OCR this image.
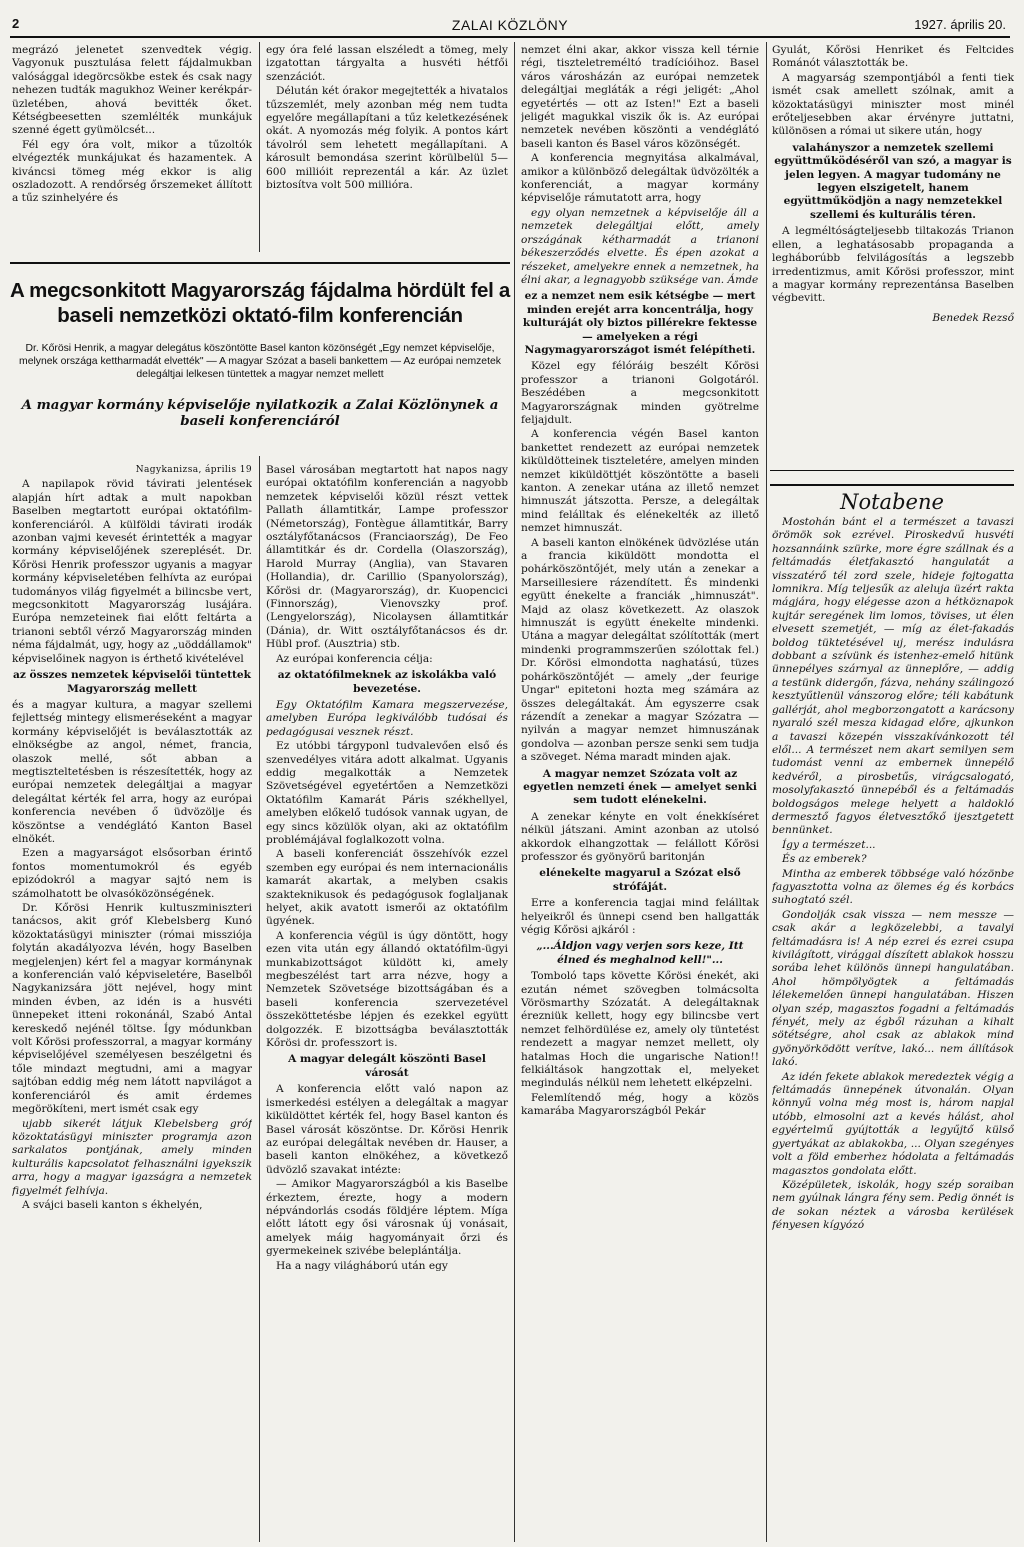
2	ZALAI KÖZLÖNY	1927. április 20.

megrázó jelenetet szenvedtek végig. Vagyonuk pusztulása felett fájdalmukban valósággal idegörcsökbe estek és csak nagy nehezen tudták magukhoz Weiner kerékpár-üzletében, ahová bevitték őket. Kétségbeesetten szemlélték munkájuk szenné égett gyümölcsét...

Fél egy óra volt, mikor a tűzoltók elvégezték munkájukat és hazamentek. A kiváncsi tömeg még ekkor is alig oszladozott. A rendőrség őrszemeket állított a tűz szinhelyére és

egy óra felé lassan elszéledt a tömeg, mely izgatottan tárgyalta a husvéti hétfői szenzációt.

Délután két órakor megejtették a hivatalos tűzszemlét, mely azonban még nem tudta egyelőre megállapítani a tűz keletkezésének okát. A nyomozás még folyik. A pontos kárt távolról sem lehetett megállapítani. A károsult bemondása szerint körülbelül 5—600 millióit reprezentál a kár. Az üzlet biztosítva volt 500 millióra.

A megcsonkitott Magyarország fájdalma hördült fel a baseli nemzetközi oktató-film konferencián
Dr. Kőrösi Henrik, a magyar delegátus köszöntötte Basel kanton közönségét „Egy nemzet képviselője, melynek országa kettharmadát elvették" — A magyar Szózat a baseli bankettem — Az európai nemzetek delegáltjai lelkesen tüntettek a magyar nemzet mellett
A magyar kormány képviselője nyilatkozik a Zalai Közlönynek a baseli konferenciáról

Nagykanizsa, április 19

A napilapok rövid távirati jelentések alapján hírt adtak a mult napokban Baselben megtartott európai oktatófilm-konferenciáról. A külföldi távirati irodák azonban vajmi kevesét érintették a magyar kormány képviselőjének szereplését. Dr. Kőrösi Henrik professzor ugyanis a magyar kormány képviseletében felhívta az európai tudományos világ figyelmét a bilincsbe vert, megcsonkitott Magyarország lusájára. Európa nemzeteinek fiai előtt feltárta a trianoni sebtől vérző Magyarország minden néma fájdalmát, ugy, hogy az „uöddállamok" képviselőinek nagyon is érthető kivételével

az összes nemzetek képviselői tüntettek Magyarország mellett

és a magyar kultura, a magyar szellemi fejlettség mintegy elismeréseként a magyar kormány képviselőjét is beválasztották az elnökségbe az angol, német, francia, olaszok mellé, sőt abban a megtiszteltetésben is részesítették, hogy az európai nemzetek delegáltjai a magyar delegáltat kérték fel arra, hogy az európai konferencia nevében ő üdvözölje és köszöntse a vendéglátó Kanton Basel elnökét.

Ezen a magyarságot elsősorban érintő fontos momentumokról és egyéb epizódokról a magyar sajtó nem is számolhatott be olvasóközönségének.

Dr. Kőrösi Henrik kultuszminiszteri tanácsos, akit gróf Klebelsberg Kunó közoktatásügyi miniszter (római missziója folytán akadályozva lévén, hogy Baselben megjelenjen) kért fel a magyar kormánynak a konferencián való képviseletére, Baselből Nagykanizsára jött nejével, hogy mint minden évben, az idén is a husvéti ünnepeket itteni rokonánál, Szabó Antal kereskedő nejénél töltse. Így módunkban volt Kőrösi professzorral, a magyar kormány képviselőjével személyesen beszélgetni és tőle mindazt megtudni, ami a magyar sajtóban eddig még nem látott napvilágot a konferenciáról és amit érdemes megörökíteni, mert ismét csak egy

ujabb sikerét látjuk Klebelsberg gróf közoktatásügyi miniszter programja azon sarkalatos pontjának, amely minden kulturális kapcsolatot felhasználni igyekszik arra, hogy a magyar igazságra a nemzetek figyelmét felhívja.

A svájci baseli kanton s ékhelyén,

Basel városában megtartott hat napos nagy európai oktatófilm konferencián a nagyobb nemzetek képviselői közül részt vettek Pallath államtitkár, Lampe professzor (Németország), Fontègue államtitkár, Barry osztályfőtanácsos (Franciaország), De Feo államtitkár és dr. Cordella (Olaszország), Harold Murray (Anglia), van Stavaren (Hollandia), dr. Carillio (Spanyolország), Kőrösi dr. (Magyarország), dr. Kuopencici (Finnország), Vienovszky prof. (Lengyelország), Nicolaysen államtitkár (Dánia), dr. Witt osztályfőtanácsos és dr. Hübl prof. (Ausztria) stb.

Az európai konferencia célja:

az oktatófilmeknek az iskolákba való bevezetése.

Egy Oktatófilm Kamara megszervezése, amelyben Európa legkiválóbb tudósai és pedagógusai vesznek részt.

Ez utóbbi tárgyponl tudvalevően első és szenvedélyes vitára adott alkalmat. Ugyanis eddig megalkották a Nemzetek Szövetségével egyetértően a Nemzetközi Oktatófilm Kamarát Páris székhellyel, amelyben előkelő tudósok vannak ugyan, de egy sincs közülök olyan, aki az oktatófilm problémájával foglalkozott volna.

A baseli konferenciát összehívók ezzel szemben egy európai és nem internacionális kamarát akartak, a melyben csakis szakteknikusok és pedagógusok foglaljanak helyet, akik avatott ismerői az oktatófilm ügyének.

A konferencia végül is úgy döntött, hogy ezen vita után egy állandó oktatófilm-ügyi munkabizottságot küldött ki, amely megbeszélést tart arra nézve, hogy a Nemzetek Szövetsége bizottságában és a baseli konferencia szervezetével összeköttetésbe lépjen és ezekkel együtt dolgozzék. E bizottságba beválasztották Kőrösi dr. professzort is.

A magyar delegált köszönti Basel városát

A konferencia előtt való napon az ismerkedési estélyen a delegáltak a magyar kiküldöttet kérték fel, hogy Basel kanton és Basel városát köszöntse. Dr. Kőrösi Henrik az európai delegáltak nevében dr. Hauser, a baseli kanton elnökéhez, a következő üdvözlő szavakat intézte:

— Amikor Magyarországból a kis Baselbe érkeztem, érezte, hogy a modern népvándorlás csodás földjére léptem. Míga előtt látott egy ősi városnak új vonásait, amelyek máig hagyományait őrzi és gyermekeinek szivébe beleplántálja.

Ha a nagy világháború után egy

nemzet élni akar, akkor vissza kell térnie régi, tiszteletreméltó tradícióihoz. Basel város városházán az európai nemzetek delegáltjai megláták a régi jeligét: „Ahol egyetértés — ott az Isten!" Ezt a baseli jeligét magukkal viszik ők is. Az európai nemzetek nevében köszönti a vendéglátó baseli kanton és Basel város közönségét.

A konferencia megnyitása alkalmával, amikor a különböző delegáltak üdvözölték a konferenciát, a magyar kormány képviselője rámutatott arra, hogy

egy olyan nemzetnek a képviselője áll a nemzetek delegáltjai előtt, amely országának kétharmadát a trianoni békeszerződés elvette. És épen azokat a részeket, amelyekre ennek a nemzetnek, ha élni akar, a legnagyobb szüksége van. Ámde

ez a nemzet nem esik kétségbe — mert minden erejét arra koncentrálja, hogy kulturáját oly biztos pillérekre fektesse — amelyeken a régi Nagymagyarországot ismét felépítheti.

Közel egy félóráig beszélt Kőrösi professzor a trianoni Golgotáról. Beszédében a megcsonkitott Magyarországnak minden gyötrelme feljajdult.

A konferencia végén Basel kanton bankettet rendezett az európai nemzetek kiküldötteinek tiszteletére, amelyen minden nemzet kiküldöttjét köszöntötte a baseli kanton. A zenekar utána az illető nemzet himnuszát játszotta. Persze, a delegáltak mind felálltak és elénekelték az illető nemzet himnuszát.

A baseli kanton elnökének üdvözlése után a francia kiküldött mondotta el pohárköszöntőjét, mely után a zenekar a Marseillesiere rázendített. És mindenki együtt énekelte a franciák „himnuszát". Majd az olasz következett. Az olaszok himnuszát is együtt énekelte mindenki. Utána a magyar delegáltat szólították (mert mindenki programmszerűen szólottak fel.) Dr. Kőrösi elmondotta naghatású, tüzes pohárköszöntőjét — amely „der feurige Ungar" epitetoni hozta meg számára az összes delegáltakát. Ám egyszerre csak rázendít a zenekar a magyar Szózatra — nyilván a magyar nemzet himnuszának gondolva — azonban persze senki sem tudja a szöveget. Néma maradt minden ajak.

A magyar nemzet Szózata volt az egyetlen nemzeti ének — amelyet senki sem tudott elénekelni.

A zenekar kényte en volt énekkíséret nélkül játszani. Amint azonban az utolsó akkordok elhangzottak — felállott Kőrösi professzor és gyönyörű baritonján

elénekelte magyarul a Szózat első strófáját.

Erre a konferencia tagjai mind felálltak helyeikről és ünnepi csend ben hallgatták végig Kőrösi ajkáról :

„...Áldjon vagy verjen sors keze, Itt élned és meghalnod kell!"...

Tomboló taps követte Kőrösi énekét, aki ezután német szövegben tolmácsolta Vörösmarthy Szózatát. A delegáltaknak érezniük kellett, hogy egy bilincsbe vert nemzet felhördülése ez, amely oly tüntetést rendezett a magyar nemzet mellett, oly hatalmas Hoch die ungarische Nation!! felkiáltások hangzottak el, melyeket megindulás nélkül nem lehetett elképzelni.

Felemlítendő még, hogy a közös kamarába Magyarországból Pekár

Gyulát, Kőrösi Henriket és Feltcides Románót választották be.

A magyarság szempontjából a fenti tiek ismét csak amellett szólnak, amit a közoktatásügyi miniszter most minél erőteljesebben akar érvényre juttatni, különösen a római ut sikere után, hogy

valahányszor a nemzetek szellemi együttműködéséről van szó, a magyar is jelen legyen. A magyar tudomány ne legyen elszigetelt, hanem együttműködjön a nagy nemzetekkel szellemi és kulturális téren.

A legméltóságteljesebb tiltakozás Trianon ellen, a leghatásosabb propaganda a legháborúbb felvilágosítás a legszebb irredentizmus, amit Kőrösi professzor, mint a magyar kormány reprezentánsa Baselben végbevitt.

Benedek Rezső

Notabene

Mostohán bánt el a természet a tavaszi örömök sok ezrével. Piroskedvű husvéti hozsannáink szürke, more égre szállnak és a feltámadás életfakasztó hangulatát a visszatérő tél zord szele, hideje fojtogatta lomnikra. Míg teljesűk az aleluja üzért rakta mágjára, hogy elégesse azon a hétköznapok kujtár seregének lim lomos, tövises, ut élen elvesett szemetjét, — míg az élet-fakadás boldog tüktetésével uj, merész indulásra dobbant a szívünk és istenhez-emelő hitünk ünnepélyes szárnyal az ünneplőre, — addig a testünk didergőn, fázva, nehány szálingozó kesztyűtlenül vánszorog előre; téli kabátunk gallérját, ahol megborzongatott a karácsony nyaraló szél mesza kidagad előre, ajkunkon a tavaszi közepén visszakívánkozott tél elől... A természet nem akart semilyen sem tudomást venni az embernek ünnepélő kedvéről, a pirosbetűs, virágcsalogató, mosolyfakasztó ünnepéből és a feltámadás boldogságos melege helyett a haldokló dermesztő fagyos életvesztőkő ijesztgetett bennünket.

Így a természet...

És az emberek?

Mintha az emberek többsége való hózönbe fagyasztotta volna az ölemes ég és korbács suhogtató szél.

Gondolják csak vissza — nem messze — csak akár a legközelebbi, a tavalyi feltámadásra is! A nép ezrei és ezrei csupa kivilágított, virággal díszített ablakok hosszu sorába lehet különös ünnepi hangulatában. Ahol hömpölyögtek a feltámadás lélekemelően ünnepi hangulatában. Hiszen olyan szép, magasztos fogadni a feltámadás fényét, mely az égből rázuhan a kihalt sötétségre, ahol csak az ablakok mind gyönyörködött verítve, lakó... nem állítások lakó.

Az idén fekete ablakok meredeztek végig a feltámadás ünnepének útvonalán. Olyan könnyű volna még most is, három napjal utóbb, elmosolni azt a kevés hálást, ahol egyértelmű gyújtották a legyűjtő külső gyertyákat az ablakokba, ... Olyan szegényes volt a föld emberhez hódolata a feltámadás magasztos gondolata előtt.

Középületek, iskolák, hogy szép soraiban nem gyúlnak lángra fény sem. Pedig önnét is de sokan néztek a városba kerülések fényesen kígyózó
